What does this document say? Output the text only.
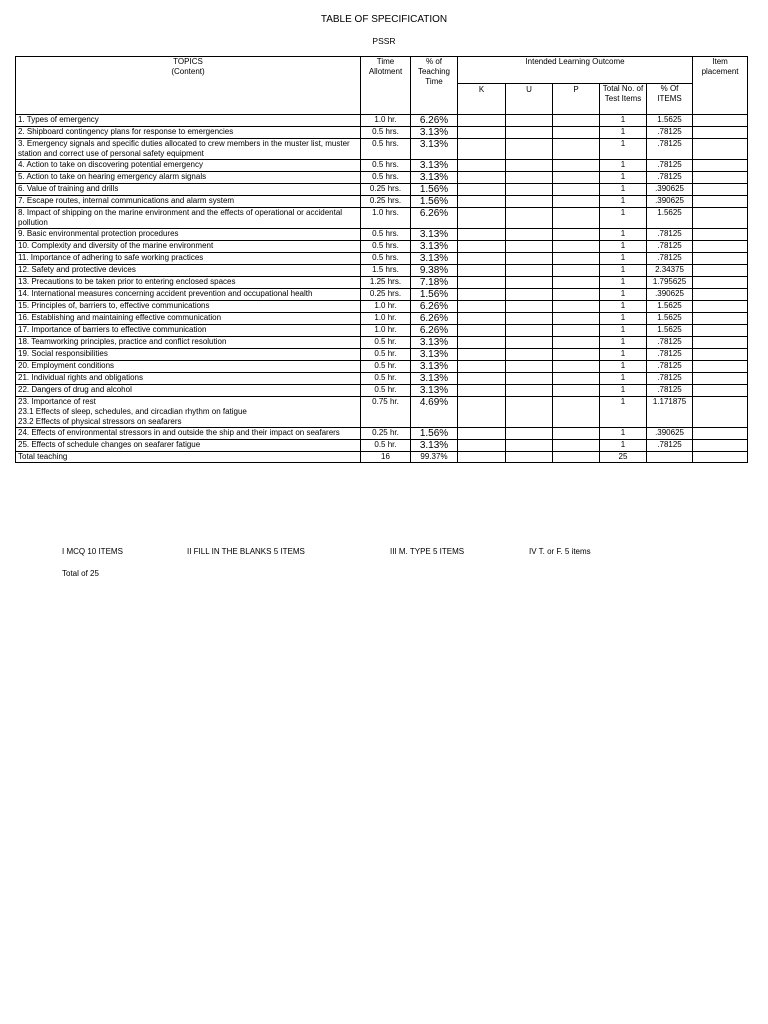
TABLE OF SPECIFICATION
PSSR
TOPICS
(Content)	Time Allotment	% of Teaching Time	Intended Learning Outcome					Item placement
			K	U	P	Total No. of Test Items	% Of ITEMS	
1. Types of emergency	1.0 hr.	6.26%				1	1.5625	
2. Shipboard contingency plans for response to emergencies	0.5 hrs.	3.13%				1	.78125	
3. Emergency signals and specific duties allocated to crew members in the muster list, muster station and correct use of personal safety equipment	0.5 hrs.	3.13%				1	.78125	
4. Action to take on discovering potential emergency	0.5 hrs.	3.13%				1	.78125	
5. Action to take on hearing emergency alarm signals	0.5 hrs.	3.13%				1	.78125	
6. Value of training and drills	0.25 hrs.	1.56%				1	.390625	
7. Escape routes, internal communications and alarm system	0.25 hrs.	1.56%				1	.390625	
8. Impact of shipping on the marine environment and the effects of operational or accidental pollution	1.0 hrs.	6.26%				1	1.5625	
9. Basic environmental protection procedures	0.5 hrs.	3.13%				1	.78125	
10. Complexity and diversity of the marine environment	0.5 hrs.	3.13%				1	.78125	
11. Importance of adhering to safe working practices	0.5 hrs.	3.13%				1	.78125	
12. Safety and protective devices	1.5 hrs.	9.38%				1	2.34375	
13. Precautions to be taken prior to entering enclosed spaces	1.25 hrs.	7.18%				1	1.795625	
14. International measures concerning accident prevention and occupational health	0.25 hrs.	1.56%				1	.390625	
15. Principles of, barriers to, effective communications	1.0 hr.	6.26%				1	1.5625	
16. Establishing and maintaining effective communication	1.0 hr.	6.26%				1	1.5625	
17. Importance of barriers to effective communication	1.0 hr.	6.26%				1	1.5625	
18. Teamworking principles, practice and conflict resolution	0.5 hr.	3.13%				1	.78125	
19. Social responsibilities	0.5 hr.	3.13%				1	.78125	
20. Employment conditions	0.5 hr.	3.13%				1	.78125	
21. Individual rights and obligations	0.5 hr.	3.13%				1	.78125	
22. Dangers of drug and alcohol	0.5 hr.	3.13%				1	.78125	
23. Importance of rest
23.1 Effects of sleep, schedules, and circadian rhythm on fatigue
23.2 Effects of physical stressors on seafarers	0.75 hr.	4.69%				1	1.171875	
24. Effects of environmental stressors in and outside the ship and their impact on seafarers	0.25 hr.	1.56%				1	.390625	
25. Effects of schedule changes on seafarer fatigue	0.5 hr.	3.13%				1	.78125	
Total teaching	16	99.37%				25		
I MCQ 10 ITEMS	II FILL IN THE BLANKS 5 ITEMS	III M. TYPE 5 ITEMS	IV T. or F. 5 items
Total of 25
